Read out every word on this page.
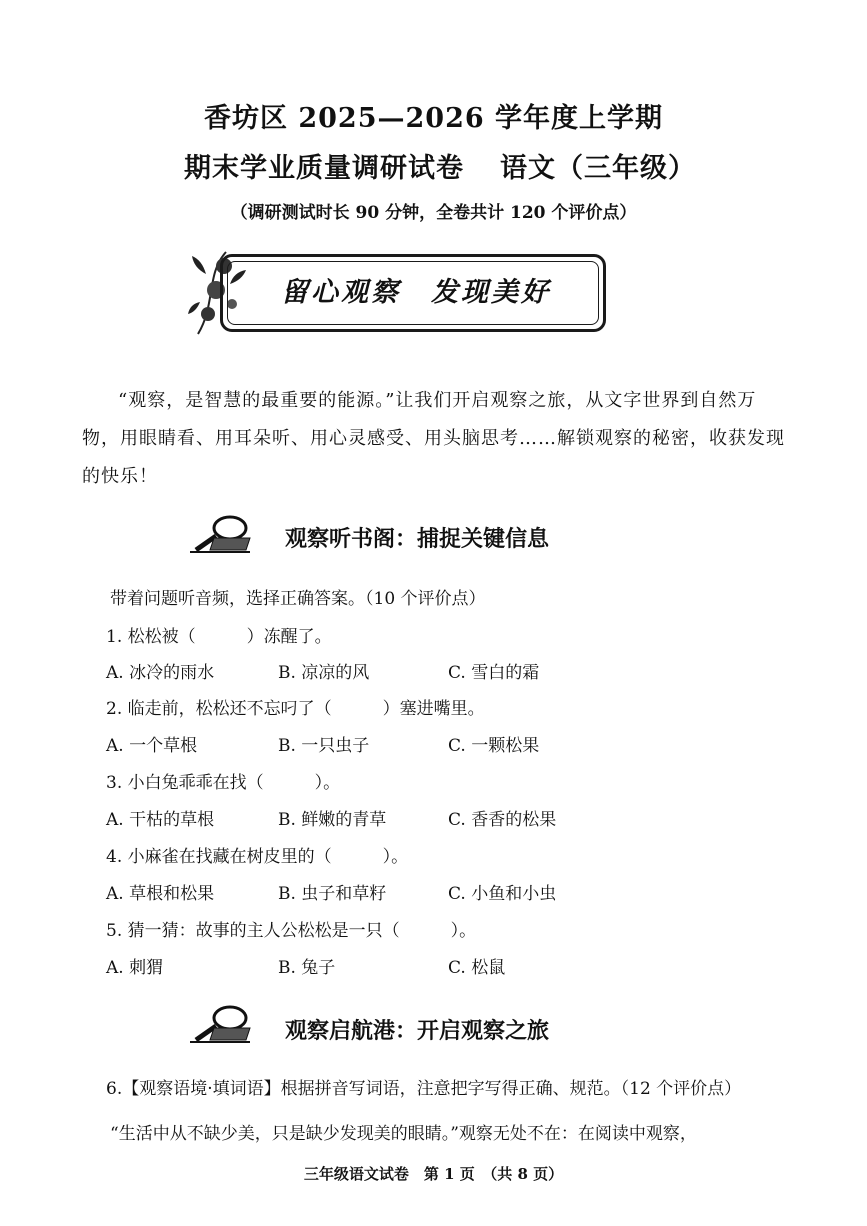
香坊区 2025—2026 学年度上学期
期末学业质量调研试卷 语文（三年级）
（调研测试时长 90 分钟，全卷共计 120 个评价点）
留心观察　发现美好
“观察，是智慧的最重要的能源。”让我们开启观察之旅，从文字世界到自然万物，用眼睛看、用耳朵听、用心灵感受、用头脑思考……解锁观察的秘密，收获发现的快乐！
观察听书阁：捕捉关键信息
带着问题听音频，选择正确答案。（10 个评价点）
1. 松松被（　　　）冻醒了。
A. 冰冷的雨水	B. 凉凉的风	C. 雪白的霜
2. 临走前，松松还不忘叼了（　　　）塞进嘴里。
A. 一个草根	B. 一只虫子	C. 一颗松果
3. 小白兔乖乖在找（　　　）。
A. 干枯的草根	B. 鲜嫩的青草	C. 香香的松果
4. 小麻雀在找藏在树皮里的（　　　）。
A. 草根和松果	B. 虫子和草籽	C. 小鱼和小虫
5. 猜一猜：故事的主人公松松是一只（　　　）。
A. 刺猬	B. 兔子	C. 松鼠
观察启航港：开启观察之旅
6.【观察语境·填词语】根据拼音写词语，注意把字写得正确、规范。（12 个评价点）
“生活中从不缺少美，只是缺少发现美的眼睛。”观察无处不在：在阅读中观察，
三年级语文试卷　第 1 页　（共 8 页）
